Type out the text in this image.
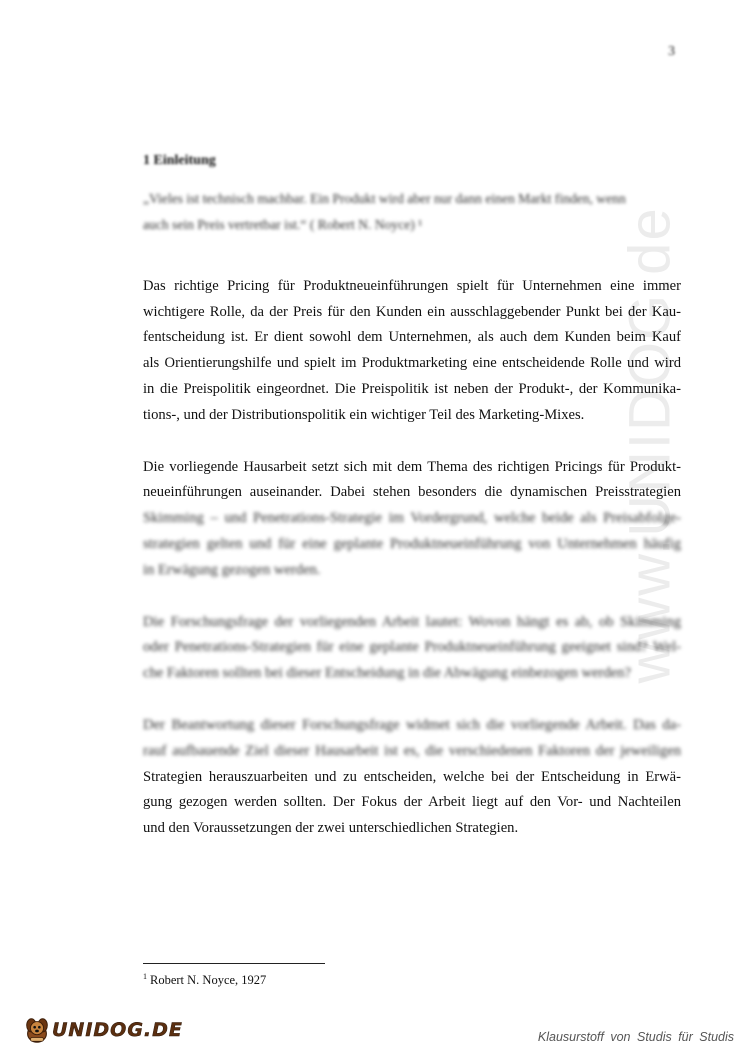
3
www.UNIDOG.de
1 Einleitung
„Vieles ist technisch machbar. Ein Produkt wird aber nur dann einen Markt finden, wenn
auch sein Preis vertretbar ist.“ ( Robert N. Noyce) ¹
Das richtige Pricing für Produktneueinführungen spielt für Unternehmen eine immer
wichtigere Rolle, da der Preis für den Kunden ein ausschlaggebender Punkt bei der Kau-
fentscheidung ist. Er dient sowohl dem Unternehmen, als auch dem Kunden beim Kauf
als Orientierungshilfe und spielt im Produktmarketing eine entscheidende Rolle und wird
in die Preispolitik eingeordnet. Die Preispolitik ist neben der Produkt-, der Kommunika-
tions-, und der Distributionspolitik ein wichtiger Teil des Marketing-Mixes.
Die vorliegende Hausarbeit setzt sich mit dem Thema des richtigen Pricings für Produkt-
neueinführungen auseinander. Dabei stehen besonders die dynamischen Preisstrategien
Skimming – und Penetrations-Strategie im Vordergrund, welche beide als Preisabfolge-
strategien gelten und für eine geplante Produktneueinführung von Unternehmen häufig
in Erwägung gezogen werden.
Die Forschungsfrage der vorliegenden Arbeit lautet: Wovon hängt es ab, ob Skimming
oder Penetrations-Strategien für eine geplante Produktneueinführung geeignet sind? Wel-
che Faktoren sollten bei dieser Entscheidung in die Abwägung einbezogen werden?
Der Beantwortung dieser Forschungsfrage widmet sich die vorliegende Arbeit. Das da-
rauf aufbauende Ziel dieser Hausarbeit ist es, die verschiedenen Faktoren der jeweiligen
Strategien herauszuarbeiten und zu entscheiden, welche bei der Entscheidung in Erwä-
gung gezogen werden sollten. Der Fokus der Arbeit liegt auf den Vor- und Nachteilen
und den Voraussetzungen der zwei unterschiedlichen Strategien.
$^1$ Robert N. Noyce, 1927
UNIDOG.DE	Klausurstoff von Studis für Studis
